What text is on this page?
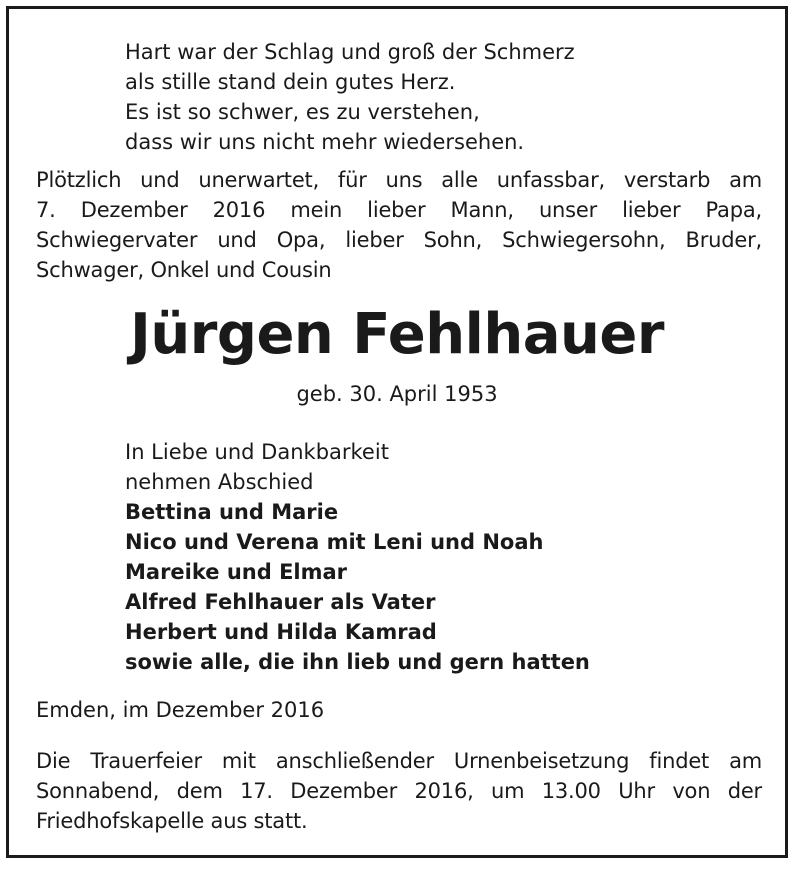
Hart war der Schlag und groß der Schmerz
als stille stand dein gutes Herz.
Es ist so schwer, es zu verstehen,
dass wir uns nicht mehr wiedersehen.
Plötzlich und unerwartet, für uns alle unfassbar, verstarb am
7. Dezember 2016 mein lieber Mann, unser lieber Papa,
Schwiegervater und Opa, lieber Sohn, Schwiegersohn, Bruder,
Schwager, Onkel und Cousin
Jürgen Fehlhauer
geb. 30. April 1953
In Liebe und Dankbarkeit
nehmen Abschied
Bettina und Marie
Nico und Verena mit Leni und Noah
Mareike und Elmar
Alfred Fehlhauer als Vater
Herbert und Hilda Kamrad
sowie alle, die ihn lieb und gern hatten
Emden, im Dezember 2016
Die Trauerfeier mit anschließender Urnenbeisetzung findet am
Sonnabend, dem 17. Dezember 2016, um 13.00 Uhr von der
Friedhofskapelle aus statt.
